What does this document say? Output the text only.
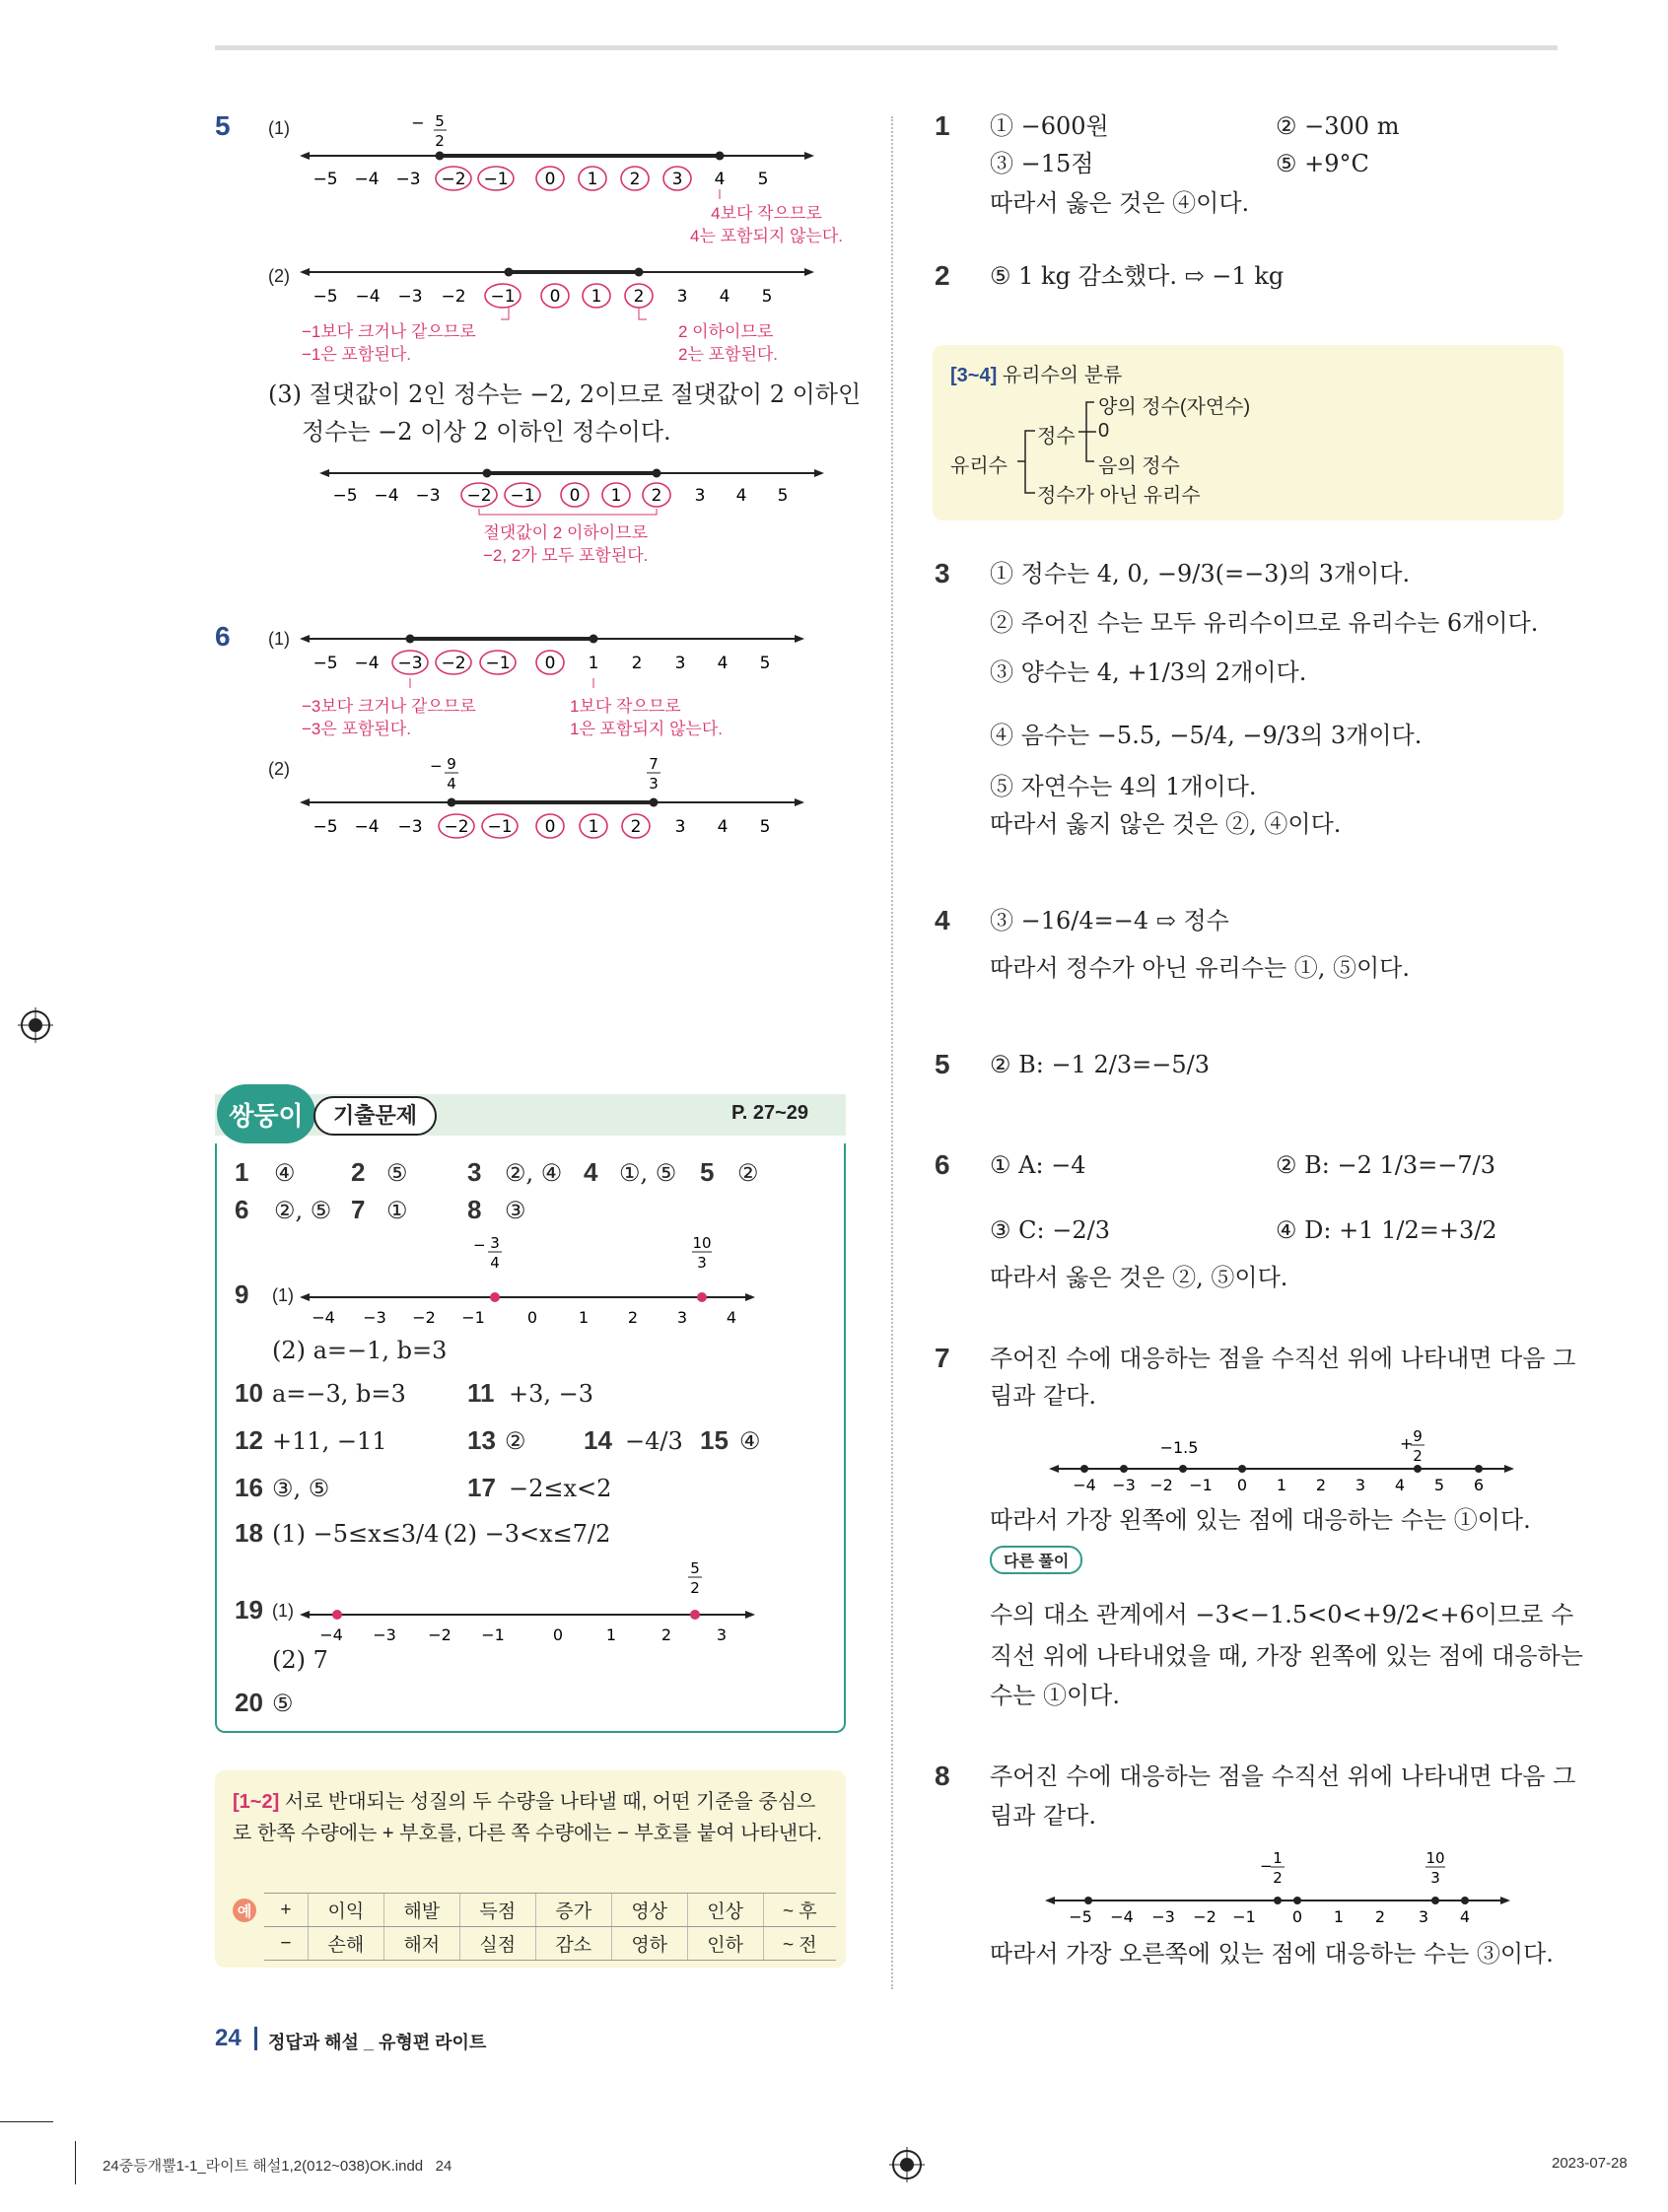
5 (1)	− 5
2
−5 −4 −3 −2 −1 0 1 2 3 4 5
4보다 작으므로
4는 포함되지 않는다.
(2)
−5 −4 −3 −2 −1 0 1 2 3 4 5
−1보다 크거나 같으므로
−1은 포함된다.
2 이하이므로
2는 포함된다.
(3) 절댓값이 2인 정수는 −2, 2이므로 절댓값이 2 이하인
정수는 −2 이상 2 이하인 정수이다.
−5 −4 −3 −2 −1 0 1 2 3 4 5
절댓값이 2 이하이므로
−2, 2가 모두 포함된다.
6 (1)
−5 −4 −3 −2 −1 0 1 2 3 4 5
−3보다 크거나 같으므로
−3은 포함된다.
1보다 작으므로
1은 포함되지 않는다.
(2)	− 9
4
7
3
−5 −4 −3 −2 −1 0 1 2 3 4 5
쌍둥이	기출문제	P. 27~29
1 ④ 2 ⑤ 3 ②, ④ 4 ①, ⑤ 5 ②
6 ②, ⑤ 7 ① 8 ③
9 (1)
− 3
4
10
3
−4 −3 −2 −1	0	1 2 3 4
(2) a=−1, b=3
10 a=−3, b=3 11 +3, −3
12 +11, −11	13 ② 14 −4/3 15 ④
16 ③, ⑤	17 −2≤x<2
18 (1) −5≤x≤3/4 (2) −3<x≤7/2
19 (1)
5
2
−4 −3 −2 −1	0	1	2	3
(2) 7
20 ⑤
[1~2] 서로 반대되는 성질의 두 수량을 나타낼 때, 어떤 기준을 중심으로 한쪽 수량에는 + 부호를, 다른 쪽 수량에는 − 부호를 붙여 나타낸다.
예 +	이익	해발	득점	증가	영상	인상	~ 후
−	손해	해저	실점	감소	영하	인하	~ 전
1 ① −600원	② −300 m
③ −15점	⑤ +9°C
따라서 옳은 것은 ④이다.
2 ⑤ 1 kg 감소했다. ⇨ −1 kg
[3~4] 유리수의 분류
유리수
정수
양의 정수(자연수)
0
음의 정수
정수가 아닌 유리수
3 ① 정수는 4, 0, −9/3(=−3)의 3개이다.
② 주어진 수는 모두 유리수이므로 유리수는 6개이다.
③ 양수는 4, +1/3의 2개이다.
④ 음수는 −5.5, −5/4, −9/3의 3개이다.
⑤ 자연수는 4의 1개이다.
따라서 옳지 않은 것은 ②, ④이다.
4 ③ −16/4=−4 ⇨ 정수
따라서 정수가 아닌 유리수는 ①, ⑤이다.
5 ② B: −1 2/3=−5/3
6 ① A: −4	② B: −2 1/3=−7/3
③ C: −2/3	④ D: +1 1/2=+3/2
따라서 옳은 것은 ②, ⑤이다.
7 주어진 수에 대응하는 점을 수직선 위에 나타내면 다음 그
림과 같다.
−1.5	+ 9
2
−4 −3 −2 −1 0 1 2 3 4 5 6
따라서 가장 왼쪽에 있는 점에 대응하는 수는 ①이다.
다른 풀이
수의 대소 관계에서 −3<−1.5<0<+9/2<+6이므로 수
직선 위에 나타내었을 때, 가장 왼쪽에 있는 점에 대응하는
수는 ①이다.
8 주어진 수에 대응하는 점을 수직선 위에 나타내면 다음 그
림과 같다.
− 1
2
10
3
−5 −4 −3 −2 −1 0 1 2 3 4
따라서 가장 오른쪽에 있는 점에 대응하는 수는 ③이다.
24 정답과 해설 _ 유형편 라이트
24중등개뿔1-1_라이트 해설1,2(012~038)OK.indd   24	2023-07-28
